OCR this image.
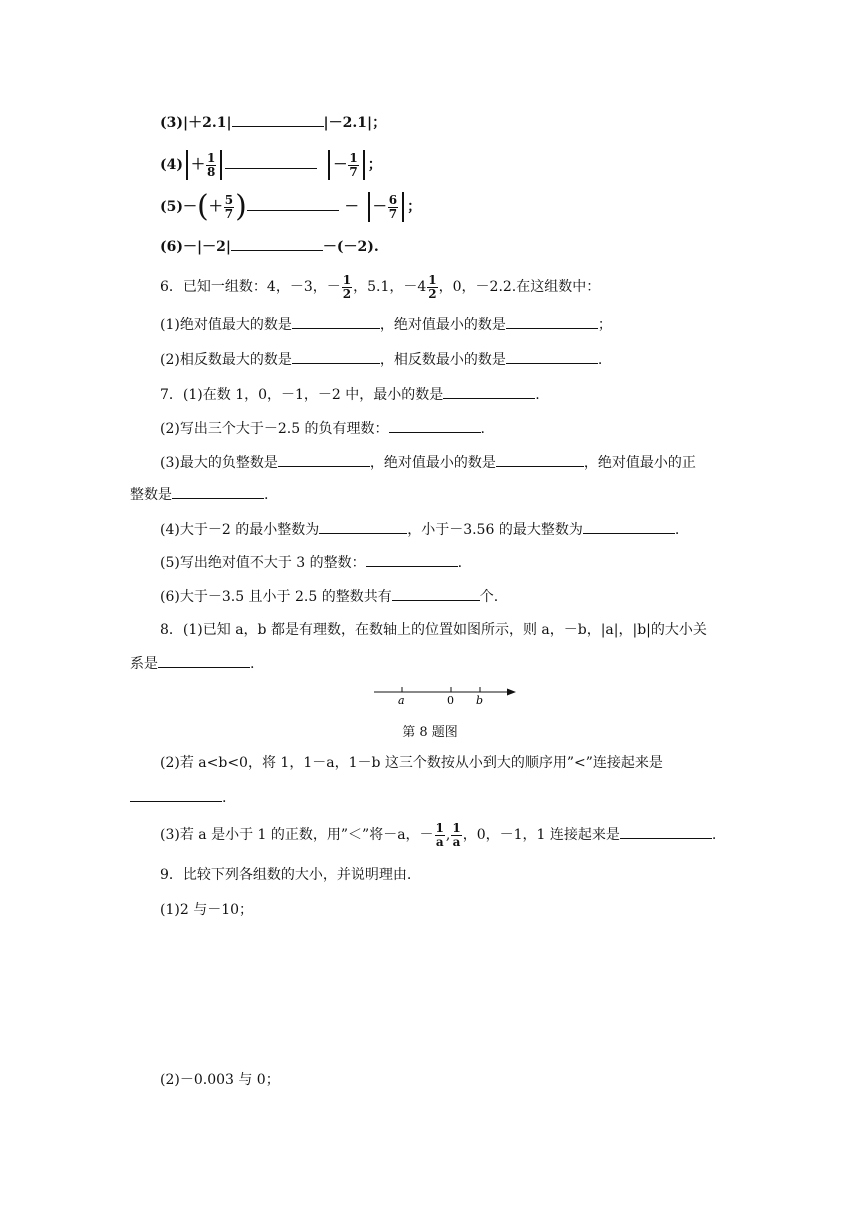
(3)|＋2.1|	|－2.1|；
$(4) + \frac{1}{8}$	－ $\frac{1}{7}$ ；
$(5)-(+ \frac{5}{7}$ )	－ － $\frac{6}{7}$ ；
(6)－|－2|	－(－2).
6．已知一组数：4，－3，－ $\frac{1}{2}$ ，5.1，$-4 \frac{1}{2}$ ，0，－2.2.在这组数中：
(1)绝对值最大的数是	，绝对值最小的数是	；
(2)相反数最大的数是	，相反数最小的数是	.
7．(1)在数 1，0，－1，－2 中，最小的数是	.
(2)写出三个大于－2.5 的负有理数：	.
(3)最大的负整数是	，绝对值最小的数是	，绝对值最小的正
整数是	.
(4)大于－2 的最小整数为	，小于－3.56 的最大整数为	.
(5)写出绝对值不大于 3 的整数：	.
(6)大于－3.5 且小于 2.5 的整数共有	个.
8．(1)已知 a，b 都是有理数，在数轴上的位置如图所示，则 a，－b，|a|，|b|的大小关
系是	.
a	0 b
第 8 题图
(2)若 a<b<0，将 1，1－a，1－b 这三个数按从小到大的顺序用”<”连接起来是
.
(3)若 a 是小于 1 的正数，用”＜”将－a，－ $\frac{1}{a}$ , $\frac{1}{a}$ ，0，－1，1 连接起来是	.
9．比较下列各组数的大小，并说明理由.
(1)2 与－10；
(2)－0.003 与 0；
